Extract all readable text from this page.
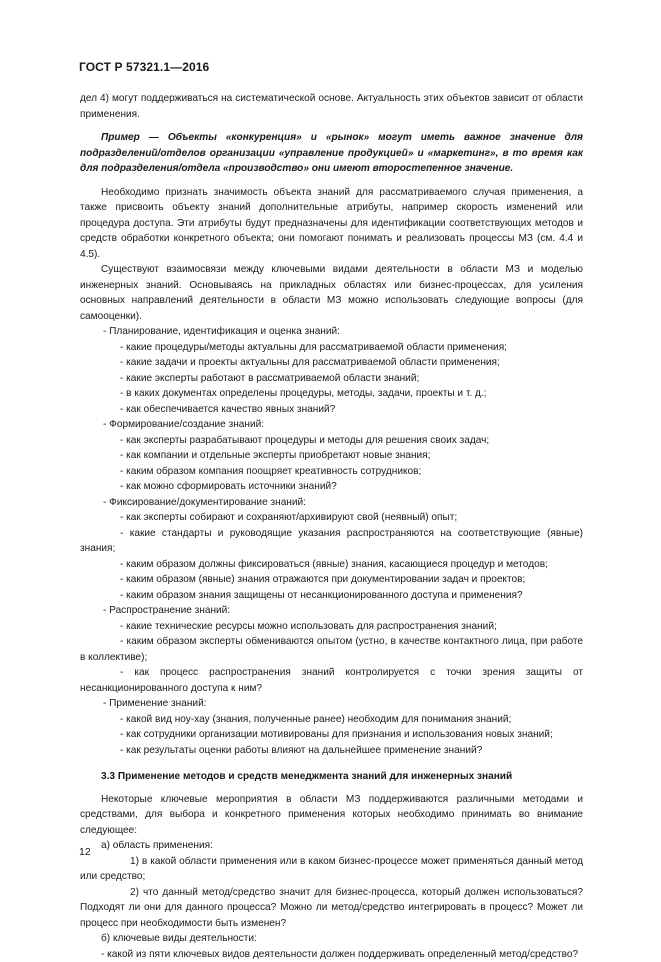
ГОСТ Р 57321.1—2016

дел 4) могут поддерживаться на систематической основе. Актуальность этих объектов зависит от области применения.

Пример — Объекты «конкуренция» и «рынок» могут иметь важное значение для подразделений/отделов организации «управление продукцией» и «маркетинг», в то время как для подразделения/отдела «производство» они имеют второстепенное значение.

Необходимо признать значимость объекта знаний для рассматриваемого случая применения, а также присвоить объекту знаний дополнительные атрибуты, например скорость изменений или процедура доступа. Эти атрибуты будут предназначены для идентификации соответствующих методов и средств обработки конкретного объекта; они помогают понимать и реализовать процессы МЗ (см. 4.4 и 4.5).

Существуют взаимосвязи между ключевыми видами деятельности в области МЗ и моделью инженерных знаний. Основываясь на прикладных областях или бизнес-процессах, для усиления основных направлений деятельности в области МЗ можно использовать следующие вопросы (для самооценки).

- Планирование, идентификация и оценка знаний:

- какие процедуры/методы актуальны для рассматриваемой области применения;

- какие задачи и проекты актуальны для рассматриваемой области применения;

- какие эксперты работают в рассматриваемой области знаний;

- в каких документах определены процедуры, методы, задачи, проекты и т. д.;

- как обеспечивается качество явных знаний?

- Формирование/создание знаний:

- как эксперты разрабатывают процедуры и методы для решения своих задач;

- как компании и отдельные эксперты приобретают новые знания;

- каким образом компания поощряет креативность сотрудников;

- как можно сформировать источники знаний?

- Фиксирование/документирование знаний:

- как эксперты собирают и сохраняют/архивируют свой (неявный) опыт;

- какие стандарты и руководящие указания распространяются на соответствующие (явные) знания;

- каким образом должны фиксироваться (явные) знания, касающиеся процедур и методов;

- каким образом (явные) знания отражаются при документировании задач и проектов;

- каким образом знания защищены от несанкционированного доступа и применения?

- Распространение знаний:

- какие технические ресурсы можно использовать для распространения знаний;

- каким образом эксперты обмениваются опытом (устно, в качестве контактного лица, при работе в коллективе);

- как процесс распространения знаний контролируется с точки зрения защиты от несанкционированного доступа к ним?

- Применение знаний:

- какой вид ноу-хау (знания, полученные ранее) необходим для понимания знаний;

- как сотрудники организации мотивированы для признания и использования новых знаний;

- как результаты оценки работы влияют на дальнейшее применение знаний?

3.3 Применение методов и средств менеджмента знаний для инженерных знаний

Некоторые ключевые мероприятия в области МЗ поддерживаются различными методами и средствами, для выбора и конкретного применения которых необходимо принимать во внимание следующее:

а) область применения:

1) в какой области применения или в каком бизнес-процессе может применяться данный метод или средство;

2) что данный метод/средство значит для бизнес-процесса, который должен использоваться? Подходят ли они для данного процесса? Можно ли метод/средство интегрировать в процесс? Может ли процесс при необходимости быть изменен?

б) ключевые виды деятельности:

- какой из пяти ключевых видов деятельности должен поддерживать определенный метод/средство?

12
